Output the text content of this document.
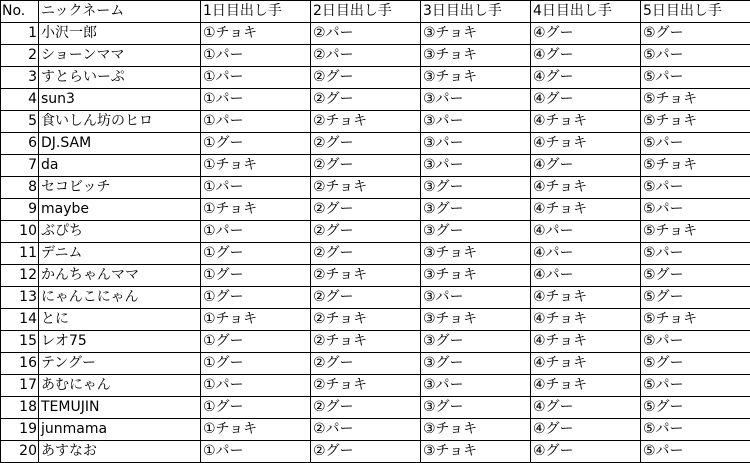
No.	ニックネーム	1日目出し手	2日目出し手	3日目出し手	4日目出し手	5日目出し手
1	小沢一郎	①チョキ	②パー	③チョキ	④グー	⑤グー
2	ショーンママ	①パー	②パー	③チョキ	④グー	⑤パー
3	すとらいーぷ	①パー	②グー	③チョキ	④グー	⑤パー
4	sun3	①パー	②グー	③パー	④グー	⑤チョキ
5	食いしん坊のヒロ	①パー	②チョキ	③パー	④チョキ	⑤チョキ
6	DJ.SAM	①グー	②グー	③パー	④チョキ	⑤パー
7	da	①チョキ	②グー	③パー	④グー	⑤チョキ
8	セコビッチ	①パー	②チョキ	③グー	④チョキ	⑤パー
9	maybe	①チョキ	②グー	③グー	④チョキ	⑤パー
10	ぶぴち	①パー	②グー	③グー	④パー	⑤チョキ
11	デニム	①グー	②グー	③チョキ	④パー	⑤パー
12	かんちゃんママ	①グー	②チョキ	③チョキ	④パー	⑤グー
13	にゃんこにゃん	①グー	②グー	③パー	④チョキ	⑤グー
14	とに	①チョキ	②チョキ	③チョキ	④チョキ	⑤チョキ
15	レオ75	①グー	②チョキ	③グー	④チョキ	⑤パー
16	テングー	①グー	②グー	③グー	④チョキ	⑤グー
17	あむにゃん	①パー	②チョキ	③パー	④チョキ	⑤パー
18	TEMUJIN	①グー	②グー	③グー	④グー	⑤グー
19	junmama	①チョキ	②パー	③チョキ	④グー	⑤パー
20	あすなお	①パー	②グー	③チョキ	④グー	⑤パー
